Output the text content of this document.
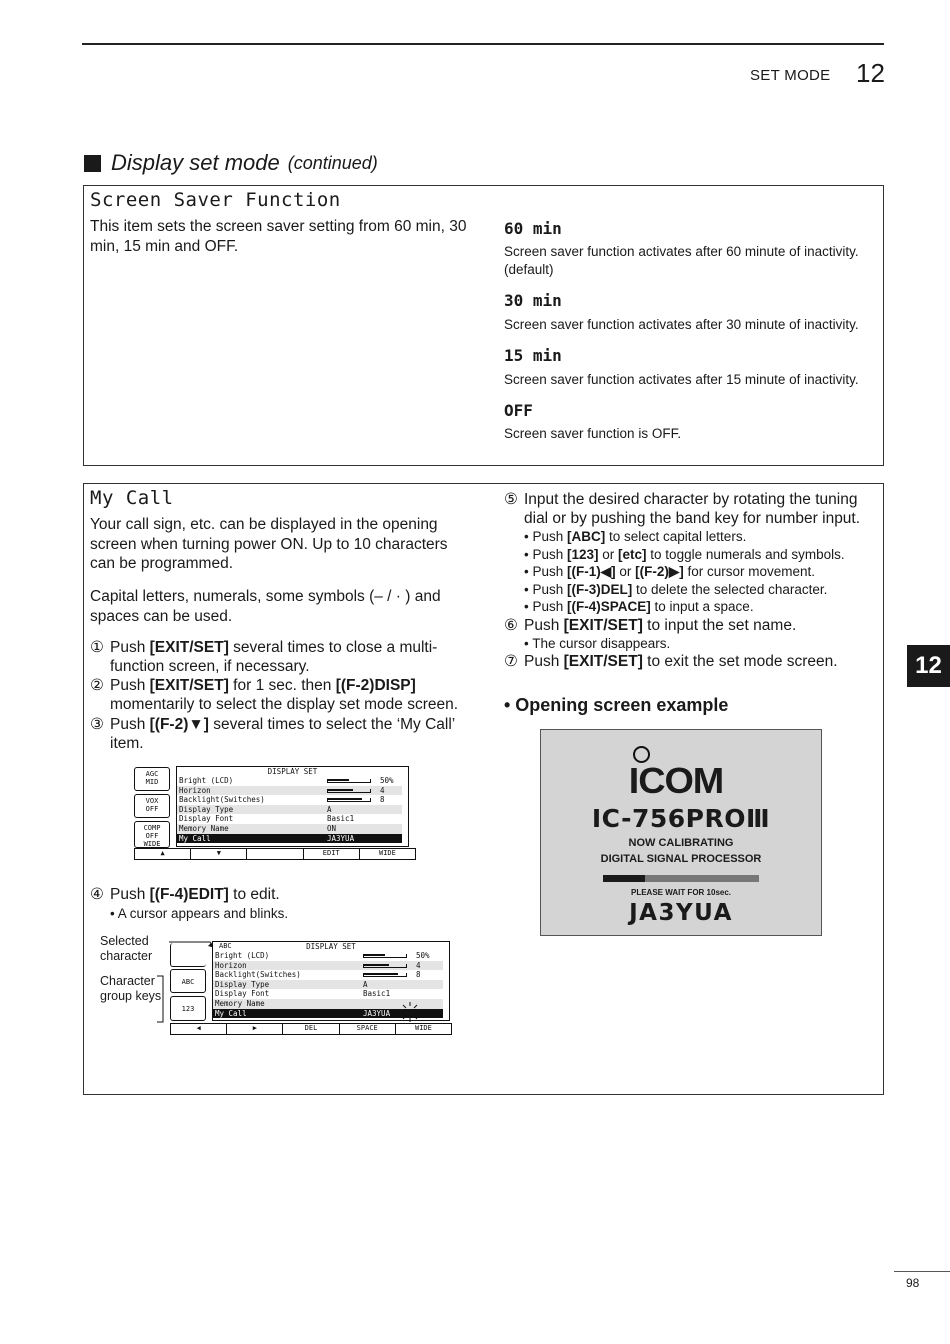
SET MODE 12
Display set mode (continued)
Screen Saver Function
This item sets the screen saver setting from 60 min, 30 min, 15 min and OFF.
60 min
Screen saver function activates after 60 minute of inactivity.
(default)
30 min
Screen saver function activates after 30 minute of inactivity.
15 min
Screen saver function activates after 15 minute of inactivity.
OFF
Screen saver function is OFF.
My Call
Your call sign, etc. can be displayed in the opening screen when turning power ON. Up to 10 characters can be programmed.
Capital letters, numerals, some symbols (– / · ) and spaces can be used.
① Push [EXIT/SET] several times to close a multi-function screen, if necessary.
② Push [EXIT/SET] for 1 sec. then [(F-2)DISP] momentarily to select the display set mode screen.
③ Push [(F-2)▼] several times to select the ‘My Call’ item.
AGC
MID
VOX
OFF
COMP
OFF
WIDE
DISPLAY SET
Bright (LCD)	50%
Horizon	4
Backlight(Switches)	8
Display Type	A
Display Font	Basic1
Memory Name	ON
My Call	JA3YUA
▲	▼	EDIT	WIDE
④ Push [(F-4)EDIT] to edit.
• A cursor appears and blinks.
Selected character
Character group keys
ABC
123
DISPLAY SET
ABC
Bright (LCD)	50%
Horizon	4
Backlight(Switches)	8
Display Type	A
Display Font	Basic1
Memory Name
My Call	JA3YUA
◀	▶	DEL	SPACE	WIDE
⑤ Input the desired character by rotating the tuning dial or by pushing the band key for number input.
• Push [ABC] to select capital letters.
• Push [123] or [etc] to toggle numerals and symbols.
• Push [(F-1)◀] or [(F-2)▶] for cursor movement.
• Push [(F-3)DEL] to delete the selected character.
• Push [(F-4)SPACE] to input a space.
⑥ Push [EXIT/SET] to input the set name.
• The cursor disappears.
⑦ Push [EXIT/SET] to exit the set mode screen.
• Opening screen example
ICOM
IC-756PROⅢ
NOW CALIBRATING
DIGITAL SIGNAL PROCESSOR
PLEASE WAIT FOR 10sec.
JA3YUA
12
98
